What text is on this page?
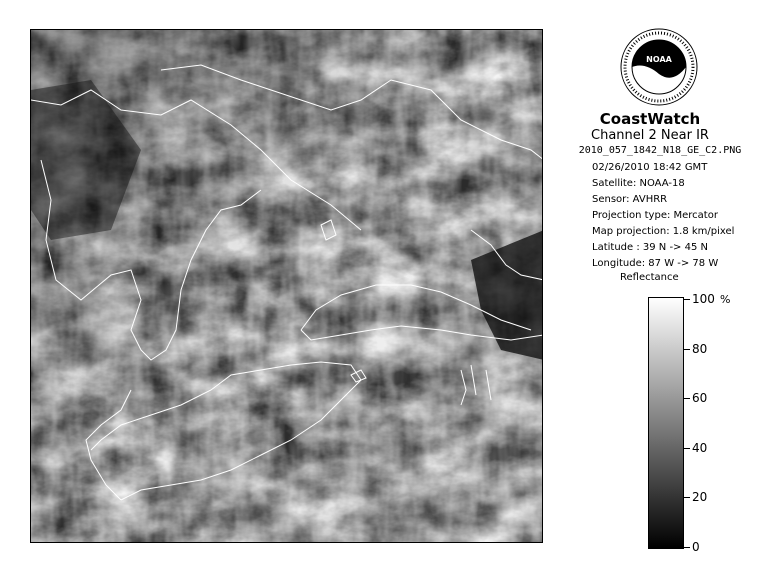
NOAA
CoastWatch
Channel 2 Near IR
2010_057_1842_N18_GE_C2.PNG
02/26/2010 18:42 GMT
Satellite: NOAA-18
Sensor: AVHRR
Projection type: Mercator
Map projection: 1.8 km/pixel
Latitude : 39 N -> 45 N
Longitude: 87 W -> 78 W
Reflectance
%
100
80
60
40
20
0
